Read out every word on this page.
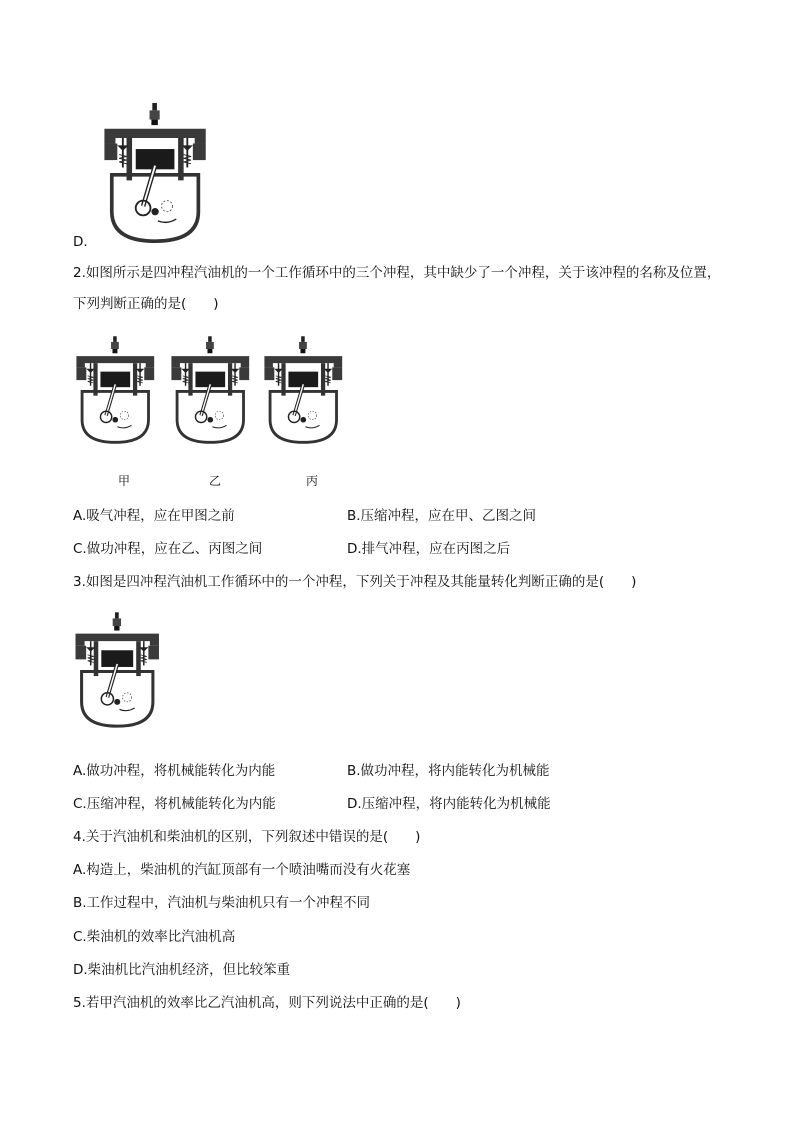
D.
2.如图所示是四冲程汽油机的一个工作循环中的三个冲程，其中缺少了一个冲程，关于该冲程的名称及位置，
下列判断正确的是(　　)
甲	乙	丙
A.吸气冲程，应在甲图之前	B.压缩冲程，应在甲、乙图之间
C.做功冲程，应在乙、丙图之间	D.排气冲程，应在丙图之后
3.如图是四冲程汽油机工作循环中的一个冲程，下列关于冲程及其能量转化判断正确的是(　　)
A.做功冲程，将机械能转化为内能	B.做功冲程，将内能转化为机械能
C.压缩冲程，将机械能转化为内能	D.压缩冲程，将内能转化为机械能
4.关于汽油机和柴油机的区别，下列叙述中错误的是(　　)
A.构造上，柴油机的汽缸顶部有一个喷油嘴而没有火花塞
B.工作过程中，汽油机与柴油机只有一个冲程不同
C.柴油机的效率比汽油机高
D.柴油机比汽油机经济，但比较笨重
5.若甲汽油机的效率比乙汽油机高，则下列说法中正确的是(　　)
